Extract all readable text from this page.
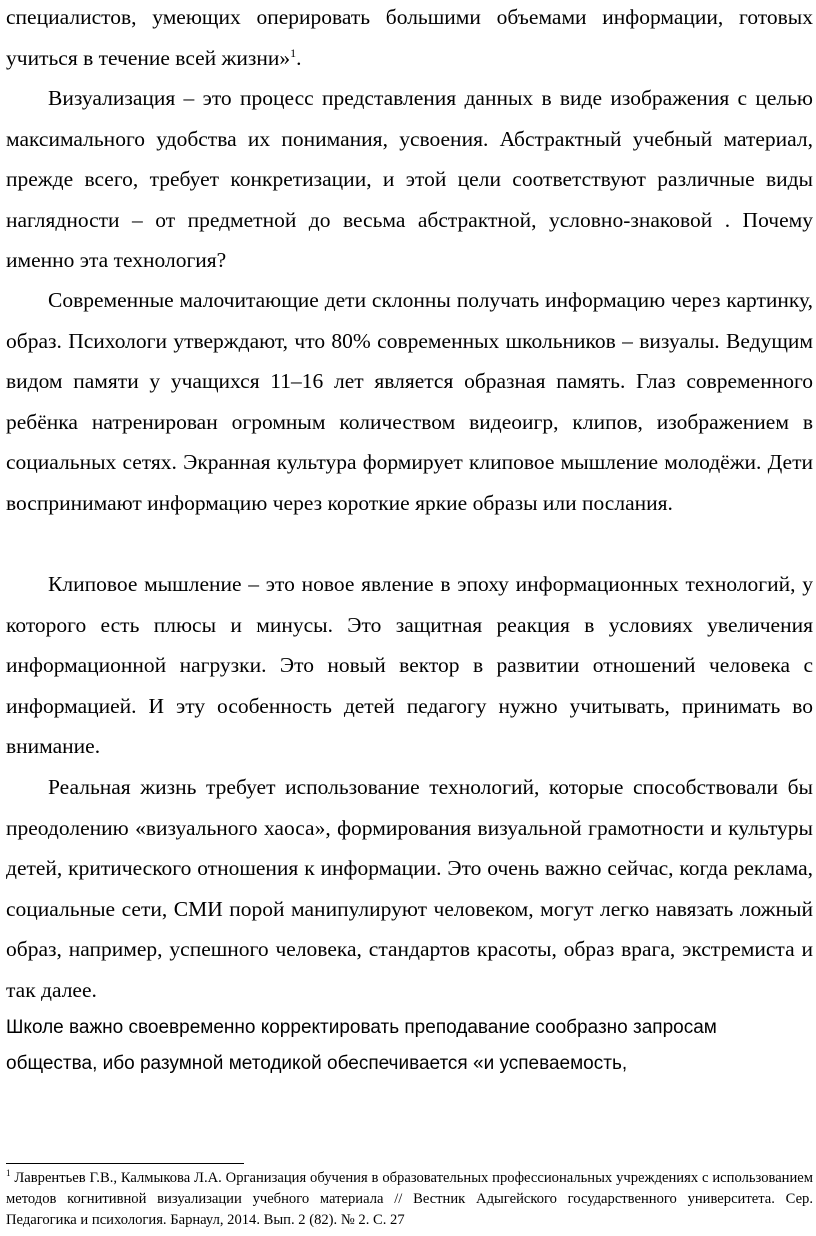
специалистов, умеющих оперировать большими объемами информации, готовых учиться в течение всей жизни»$^1$.

Визуализация – это процесс представления данных в виде изображения с целью максимального удобства их понимания, усвоения. Абстрактный учебный материал, прежде всего, требует конкретизации, и этой цели соответствуют различные виды наглядности – от предметной до весьма абстрактной, условно-знаковой . Почему именно эта технология?

Современные малочитающие дети склонны получать информацию через картинку, образ. Психологи утверждают, что 80% современных школьников – визуалы. Ведущим видом памяти у учащихся 11–16 лет является образная память. Глаз современного ребёнка натренирован огромным количеством видеоигр, клипов, изображением в социальных сетях. Экранная культура формирует клиповое мышление молодёжи. Дети воспринимают информацию через короткие яркие образы или послания.

Клиповое мышление – это новое явление в эпоху информационных технологий, у которого есть плюсы и минусы. Это защитная реакция в условиях увеличения информационной нагрузки. Это новый вектор в развитии отношений человека с информацией. И эту особенность детей педагогу нужно учитывать, принимать во внимание.

Реальная жизнь требует использование технологий, которые способствовали бы преодолению «визуального хаоса», формирования визуальной грамотности и культуры детей, критического отношения к информации. Это очень важно сейчас, когда реклама, социальные сети, СМИ порой манипулируют человеком, могут легко навязать ложный образ, например, успешного человека, стандартов красоты, образ врага, экстремиста и так далее.

Школе важно своевременно корректировать преподавание сообразно запросам общества, ибо разумной методикой обеспечивается «и успеваемость,

$^1$ Лаврентьев Г.В., Калмыкова Л.А. Организация обучения в образовательных профессиональных учреждениях с использованием методов когнитивной визуализации учебного материала // Вестник Адыгейского государственного университета. Сер. Педагогика и психология. Барнаул, 2014. Вып. 2 (82). № 2. С. 27
